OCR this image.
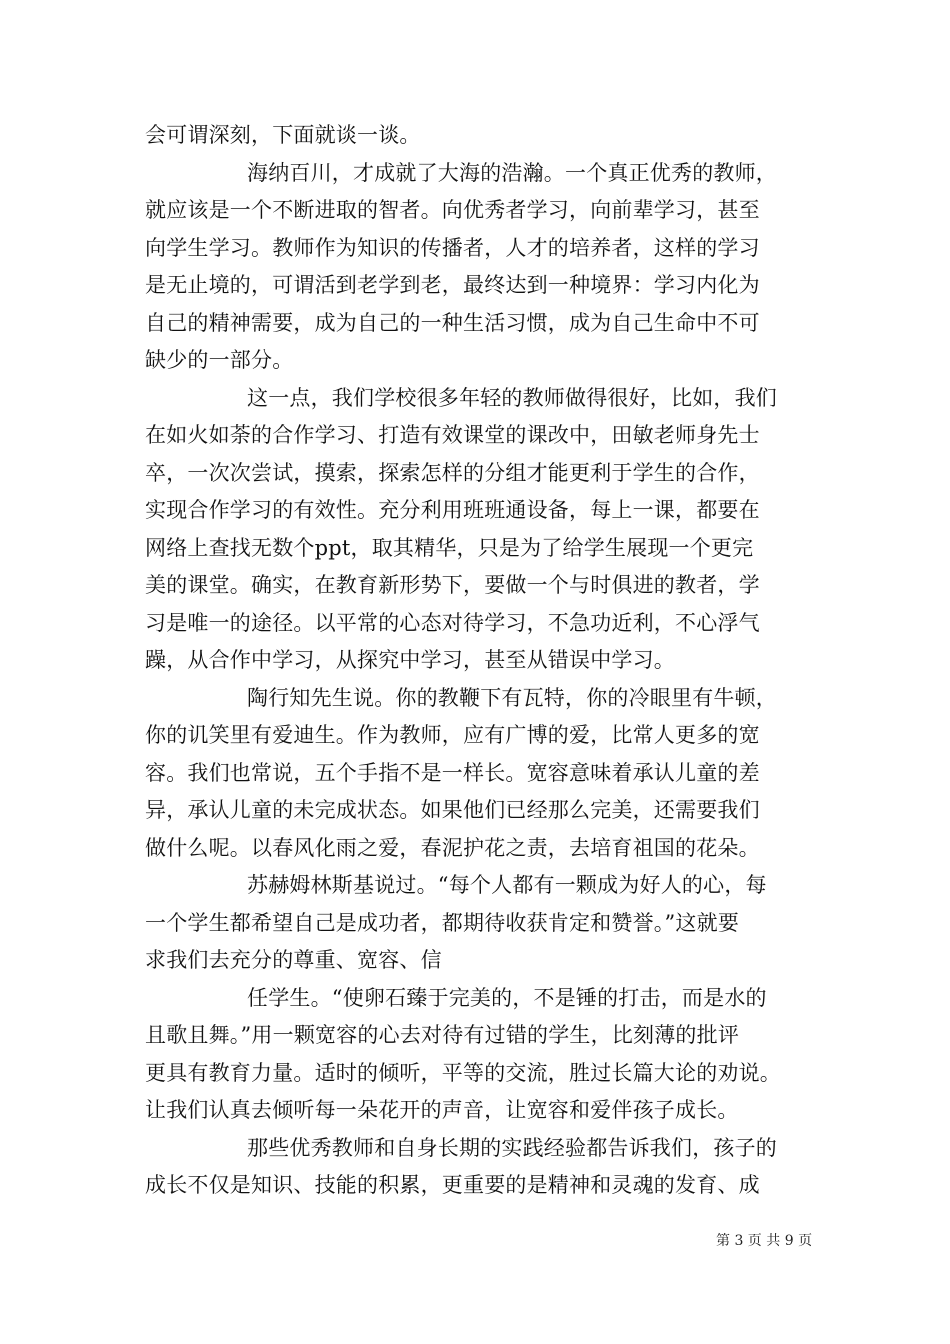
会可谓深刻，下面就谈一谈。
海纳百川，才成就了大海的浩瀚。一个真正优秀的教师，
就应该是一个不断进取的智者。向优秀者学习，向前辈学习，甚至
向学生学习。教师作为知识的传播者，人才的培养者，这样的学习
是无止境的，可谓活到老学到老，最终达到一种境界：学习内化为
自己的精神需要，成为自己的一种生活习惯，成为自己生命中不可
缺少的一部分。
这一点，我们学校很多年轻的教师做得很好，比如，我们
在如火如荼的合作学习、打造有效课堂的课改中，田敏老师身先士
卒，一次次尝试，摸索，探索怎样的分组才能更利于学生的合作，
实现合作学习的有效性。充分利用班班通设备，每上一课，都要在
网络上查找无数个ppt，取其精华，只是为了给学生展现一个更完
美的课堂。确实，在教育新形势下，要做一个与时俱进的教者，学
习是唯一的途径。以平常的心态对待学习，不急功近利，不心浮气
躁，从合作中学习，从探究中学习，甚至从错误中学习。
陶行知先生说。你的教鞭下有瓦特，你的冷眼里有牛顿，
你的讥笑里有爱迪生。作为教师，应有广博的爱，比常人更多的宽
容。我们也常说，五个手指不是一样长。宽容意味着承认儿童的差
异，承认儿童的未完成状态。如果他们已经那么完美，还需要我们
做什么呢。以春风化雨之爱，春泥护花之责，去培育祖国的花朵。
苏赫姆林斯基说过。“每个人都有一颗成为好人的心，每
一个学生都希望自己是成功者，都期待收获肯定和赞誉。”这就要
求我们去充分的尊重、宽容、信
任学生。“使卵石臻于完美的，不是锤的打击，而是水的
且歌且舞。”用一颗宽容的心去对待有过错的学生，比刻薄的批评
更具有教育力量。适时的倾听，平等的交流，胜过长篇大论的劝说。
让我们认真去倾听每一朵花开的声音，让宽容和爱伴孩子成长。
那些优秀教师和自身长期的实践经验都告诉我们，孩子的
成长不仅是知识、技能的积累，更重要的是精神和灵魂的发育、成
第 3 页 共 9 页
